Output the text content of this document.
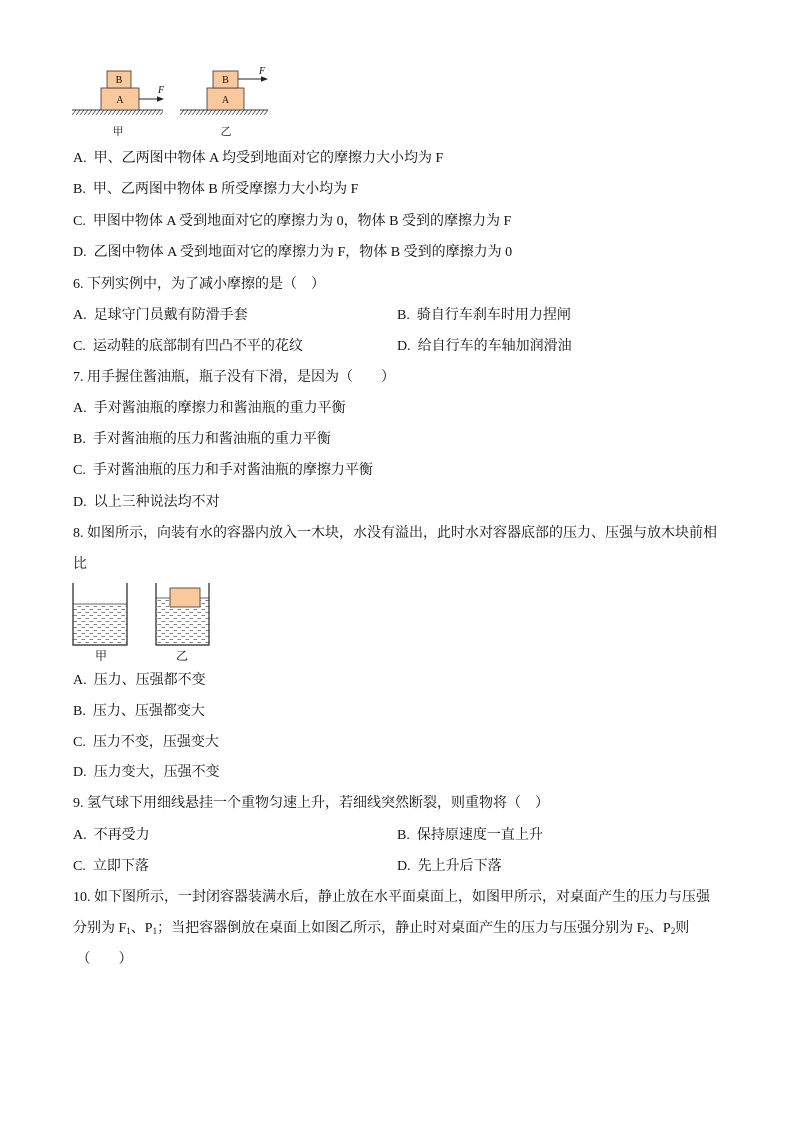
A
B
F
甲
A
B
F
乙
A.  甲、乙两图中物体 A 均受到地面对它的摩擦力大小均为 F
B.  甲、乙两图中物体 B 所受摩擦力大小均为 F
C.  甲图中物体 A 受到地面对它的摩擦力为 0，物体 B 受到的摩擦力为 F
D.  乙图中物体 A 受到地面对它的摩擦力为 F，物体 B 受到的摩擦力为 0
6. 下列实例中，为了减小摩擦的是（    ）
A.  足球守门员戴有防滑手套	B.  骑自行车刹车时用力捏闸
C.  运动鞋的底部制有凹凸不平的花纹	D.  给自行车的车轴加润滑油
7. 用手握住酱油瓶，瓶子没有下滑，是因为（        ）
A.  手对酱油瓶的摩擦力和酱油瓶的重力平衡
B.  手对酱油瓶的压力和酱油瓶的重力平衡
C.  手对酱油瓶的压力和手对酱油瓶的摩擦力平衡
D.  以上三种说法均不对
8. 如图所示，向装有水的容器内放入一木块，水没有溢出，此时水对容器底部的压力、压强与放木块前相
比
甲	乙
A.  压力、压强都不变
B.  压力、压强都变大
C.  压力不变，压强变大
D.  压力变大，压强不变
9. 氢气球下用细线悬挂一个重物匀速上升，若细线突然断裂，则重物将（    ）
A.  不再受力	B.  保持原速度一直上升
C.  立即下落	D.  先上升后下落
10. 如下图所示，一封闭容器装满水后，静止放在水平面桌面上，如图甲所示，对桌面产生的压力与压强
分别为 $F_1$、$P_1$；当把容器倒放在桌面上如图乙所示，静止时对桌面产生的压力与压强分别为 $F_2$、$P_2$则
（        ）
